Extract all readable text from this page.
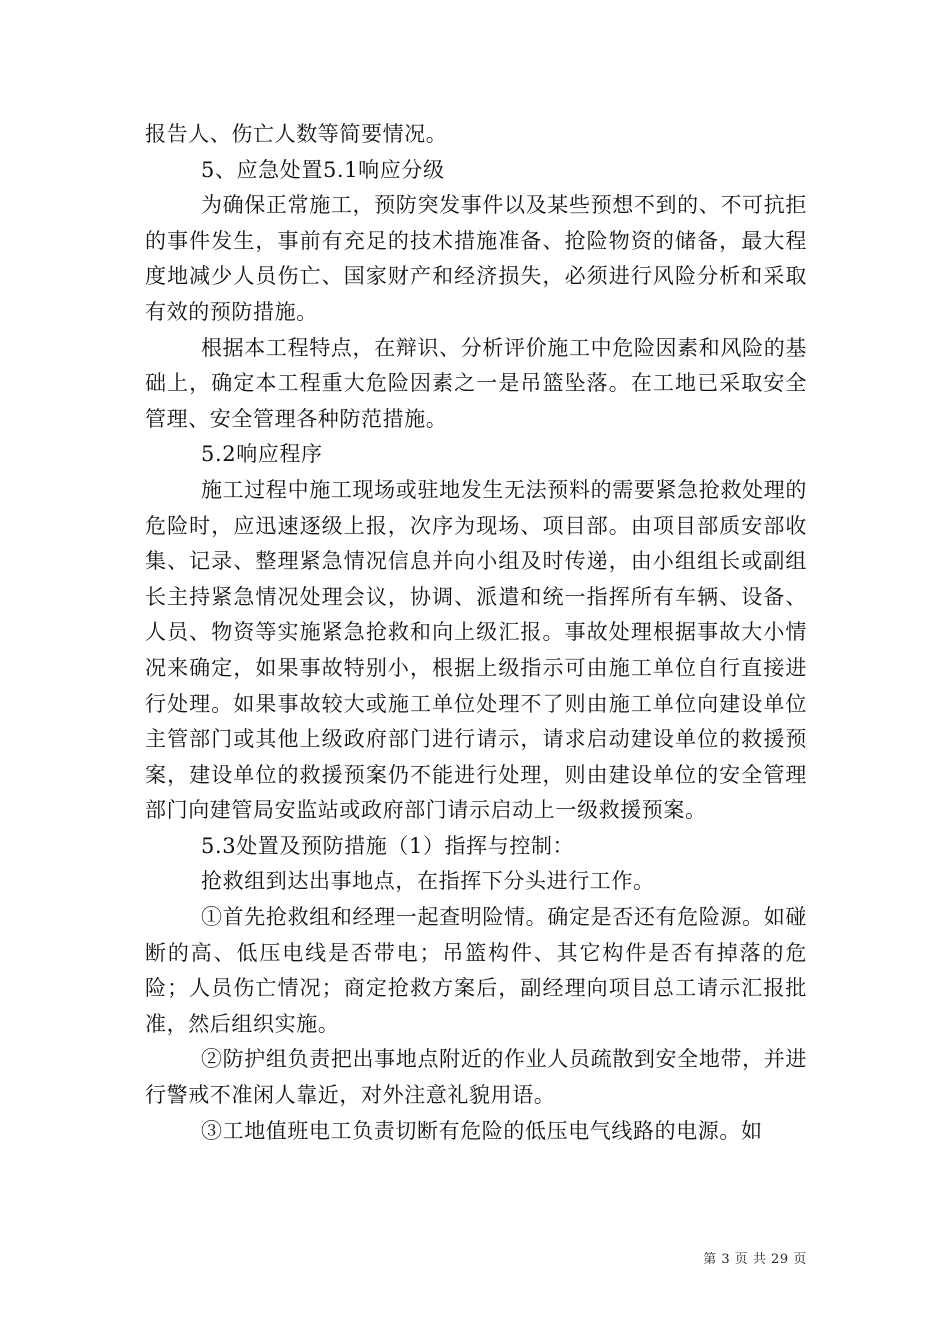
报告人、伤亡人数等简要情况。

5、应急处置5.1响应分级

为确保正常施工，预防突发事件以及某些预想不到的、不可抗拒的事件发生，事前有充足的技术措施准备、抢险物资的储备，最大程度地减少人员伤亡、国家财产和经济损失，必须进行风险分析和采取有效的预防措施。

根据本工程特点，在辩识、分析评价施工中危险因素和风险的基础上，确定本工程重大危险因素之一是吊篮坠落。在工地已采取安全管理、安全管理各种防范措施。

5.2响应程序

施工过程中施工现场或驻地发生无法预料的需要紧急抢救处理的危险时，应迅速逐级上报，次序为现场、项目部。由项目部质安部收集、记录、整理紧急情况信息并向小组及时传递，由小组组长或副组长主持紧急情况处理会议，协调、派遣和统一指挥所有车辆、设备、人员、物资等实施紧急抢救和向上级汇报。事故处理根据事故大小情况来确定，如果事故特别小，根据上级指示可由施工单位自行直接进行处理。如果事故较大或施工单位处理不了则由施工单位向建设单位主管部门或其他上级政府部门进行请示，请求启动建设单位的救援预案，建设单位的救援预案仍不能进行处理，则由建设单位的安全管理部门向建管局安监站或政府部门请示启动上一级救援预案。

5.3处置及预防措施（1）指挥与控制：

抢救组到达出事地点，在指挥下分头进行工作。

①首先抢救组和经理一起查明险情。确定是否还有危险源。如碰断的高、低压电线是否带电；吊篮构件、其它构件是否有掉落的危险；人员伤亡情况；商定抢救方案后，副经理向项目总工请示汇报批准，然后组织实施。

②防护组负责把出事地点附近的作业人员疏散到安全地带，并进行警戒不准闲人靠近，对外注意礼貌用语。

③工地值班电工负责切断有危险的低压电气线路的电源。如

第 3 页 共 29 页
